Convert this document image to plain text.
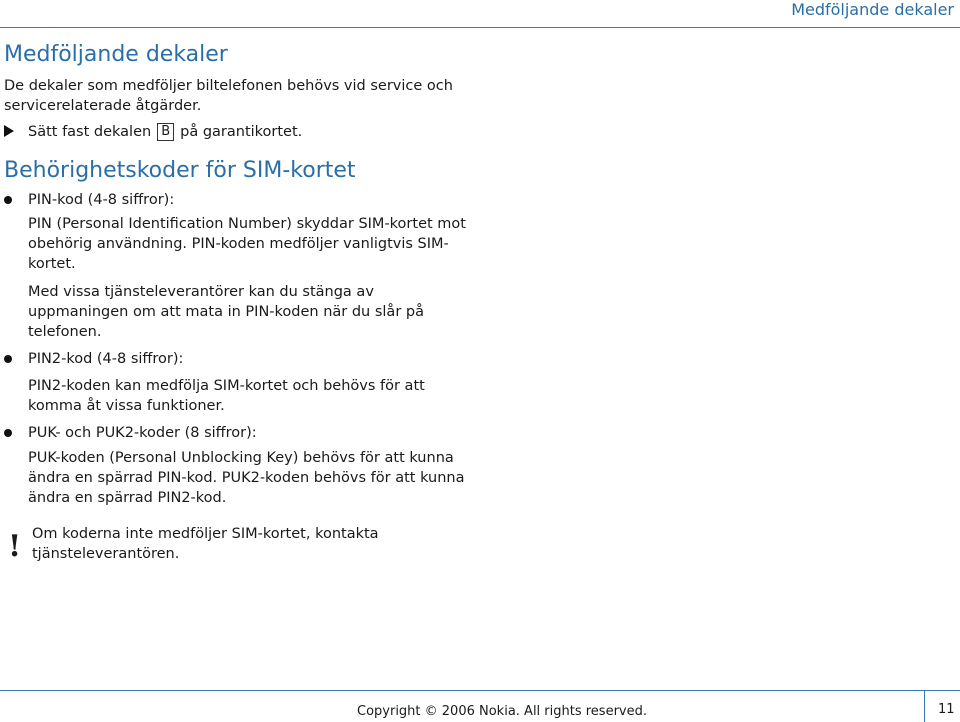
Medföljande dekaler
Medföljande dekaler

De dekaler som medföljer biltelefonen behövs vid service och servicerelaterade åtgärder.

Sätt fast dekalen B på garantikortet.

Behörighetskoder för SIM-kortet

PIN-kod (4-8 siffror):

PIN (Personal Identification Number) skyddar SIM-kortet mot obehörig användning. PIN-koden medföljer vanligtvis SIM-kortet.

Med vissa tjänsteleverantörer kan du stänga av uppmaningen om att mata in PIN-koden när du slår på telefonen.

PIN2-kod (4-8 siffror):

PIN2-koden kan medfölja SIM-kortet och behövs för att komma åt vissa funktioner.

PUK- och PUK2-koder (8 siffror):

PUK-koden (Personal Unblocking Key) behövs för att kunna ändra en spärrad PIN-kod. PUK2-koden behövs för att kunna ändra en spärrad PIN2-kod.

! Om koderna inte medföljer SIM-kortet, kontakta tjänsteleverantören.

Copyright © 2006 Nokia. All rights reserved.	11
